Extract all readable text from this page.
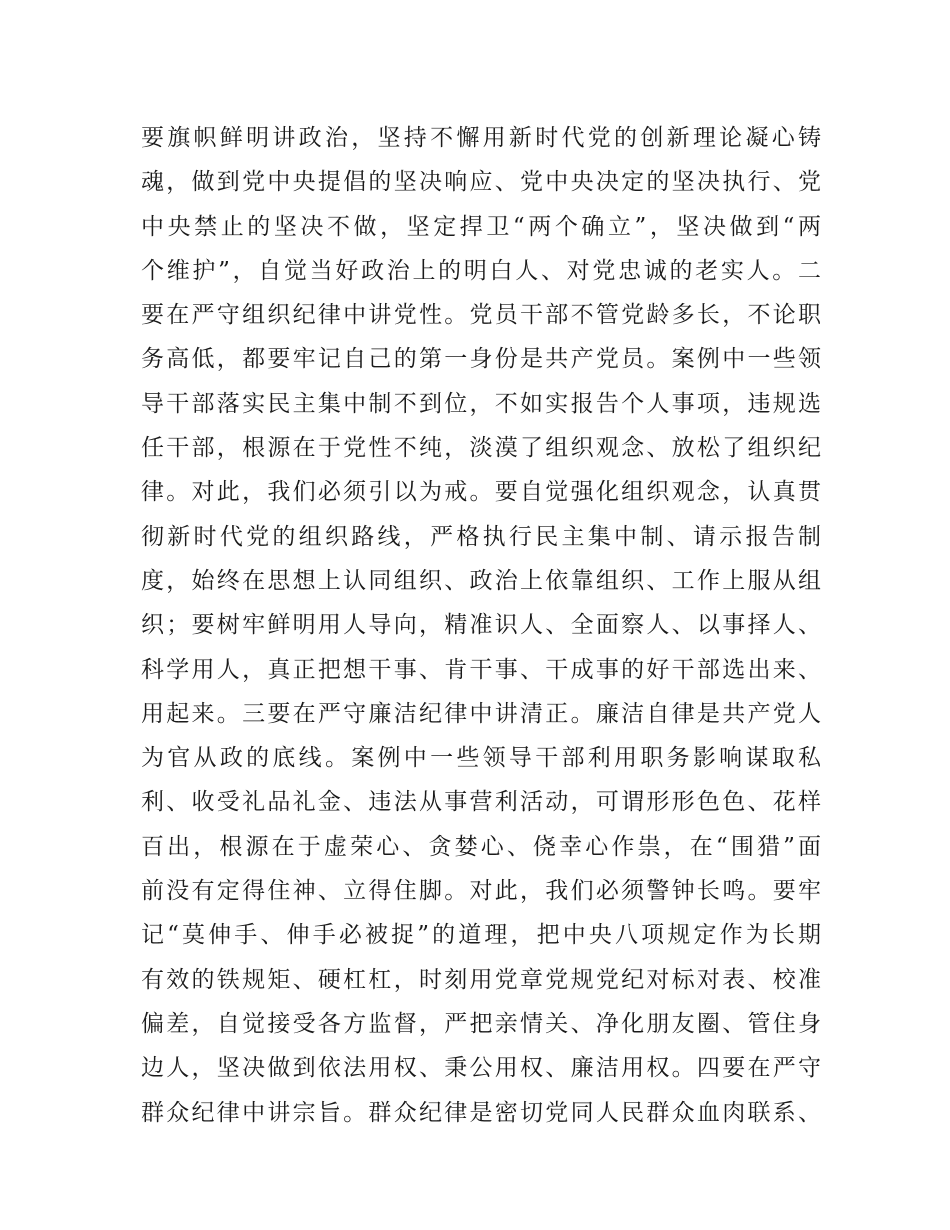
要旗帜鲜明讲政治，坚持不懈用新时代党的创新理论凝心铸
魂，做到党中央提倡的坚决响应、党中央决定的坚决执行、党
中央禁止的坚决不做，坚定捍卫“两个确立”，坚决做到“两
个维护”，自觉当好政治上的明白人、对党忠诚的老实人。二
要在严守组织纪律中讲党性。党员干部不管党龄多长，不论职
务高低，都要牢记自己的第一身份是共产党员。案例中一些领
导干部落实民主集中制不到位，不如实报告个人事项，违规选
任干部，根源在于党性不纯，淡漠了组织观念、放松了组织纪
律。对此，我们必须引以为戒。要自觉强化组织观念，认真贯
彻新时代党的组织路线，严格执行民主集中制、请示报告制
度，始终在思想上认同组织、政治上依靠组织、工作上服从组
织；要树牢鲜明用人导向，精准识人、全面察人、以事择人、
科学用人，真正把想干事、肯干事、干成事的好干部选出来、
用起来。三要在严守廉洁纪律中讲清正。廉洁自律是共产党人
为官从政的底线。案例中一些领导干部利用职务影响谋取私
利、收受礼品礼金、违法从事营利活动，可谓形形色色、花样
百出，根源在于虚荣心、贪婪心、侥幸心作祟，在“围猎”面
前没有定得住神、立得住脚。对此，我们必须警钟长鸣。要牢
记“莫伸手、伸手必被捉”的道理，把中央八项规定作为长期
有效的铁规矩、硬杠杠，时刻用党章党规党纪对标对表、校准
偏差，自觉接受各方监督，严把亲情关、净化朋友圈、管住身
边人，坚决做到依法用权、秉公用权、廉洁用权。四要在严守
群众纪律中讲宗旨。群众纪律是密切党同人民群众血肉联系、
